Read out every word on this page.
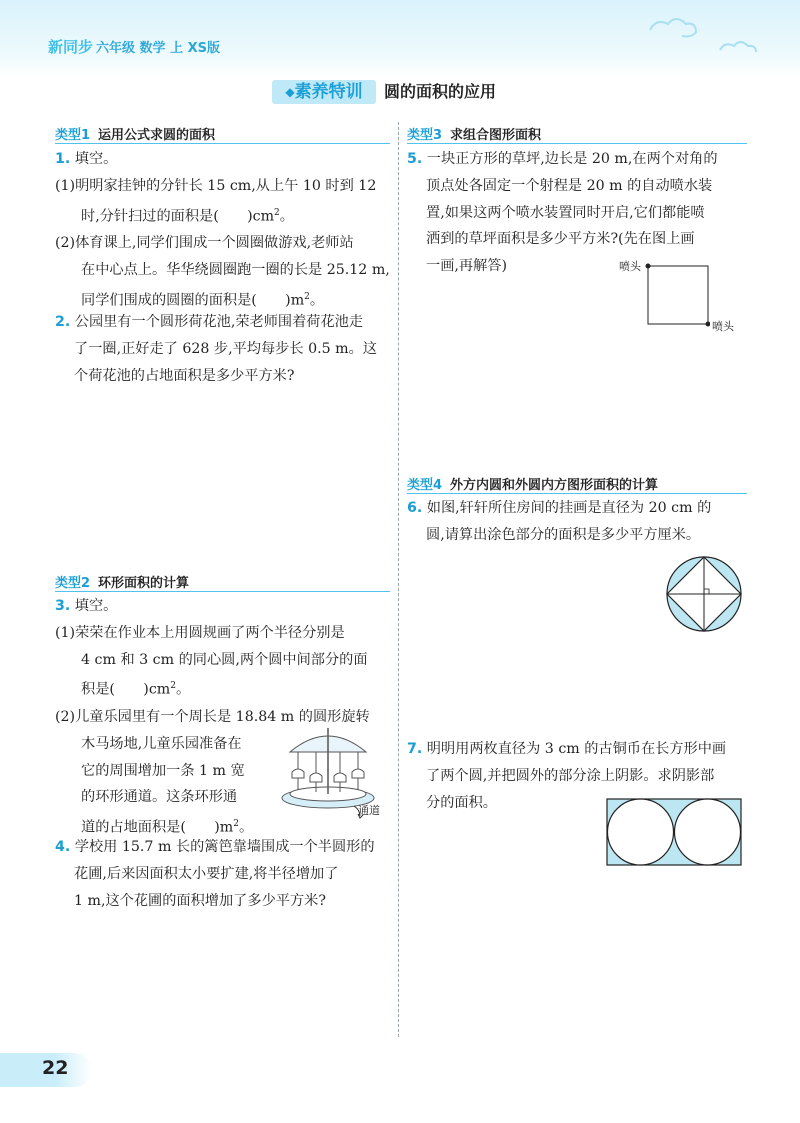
新同步 六年级 数学 上 XS版
◆素养特训	圆的面积的应用
类型1 运用公式求圆的面积

1. 填空。

(1)明明家挂钟的分针长 15 cm,从上午 10 时到 12

时,分针扫过的面积是(　　)$cm^2$。

(2)体育课上,同学们围成一个圆圈做游戏,老师站

在中心点上。华华绕圆圈跑一圈的长是 25.12 m,

同学们围成的圆圈的面积是(　　)$m^2$。

2. 公园里有一个圆形荷花池,荣老师围着荷花池走

了一圈,正好走了 628 步,平均每步长 0.5 m。这

个荷花池的占地面积是多少平方米?

类型2 环形面积的计算

3. 填空。

(1)荣荣在作业本上用圆规画了两个半径分别是

4 cm 和 3 cm 的同心圆,两个圆中间部分的面

积是(　　)$cm^2$。

(2)儿童乐园里有一个周长是 18.84 m 的圆形旋转

木马场地,儿童乐园准备在

它的周围增加一条 1 m 宽

的环形通道。这条环形通

道的占地面积是(　　)$m^2$。

通道

4. 学校用 15.7 m 长的篱笆靠墙围成一个半圆形的

花圃,后来因面积太小要扩建,将半径增加了

1 m,这个花圃的面积增加了多少平方米?

类型3 求组合图形面积

5. 一块正方形的草坪,边长是 20 m,在两个对角的

顶点处各固定一个射程是 20 m 的自动喷水装

置,如果这两个喷水装置同时开启,它们都能喷

洒到的草坪面积是多少平方米?(先在图上画

一画,再解答)	喷头
喷头
类型4 外方内圆和外圆内方图形面积的计算

6. 如图,轩轩所住房间的挂画是直径为 20 cm 的

圆,请算出涂色部分的面积是多少平方厘米。

7. 明明用两枚直径为 3 cm 的古铜币在长方形中画

了两个圆,并把圆外的部分涂上阴影。求阴影部

分的面积。

22
